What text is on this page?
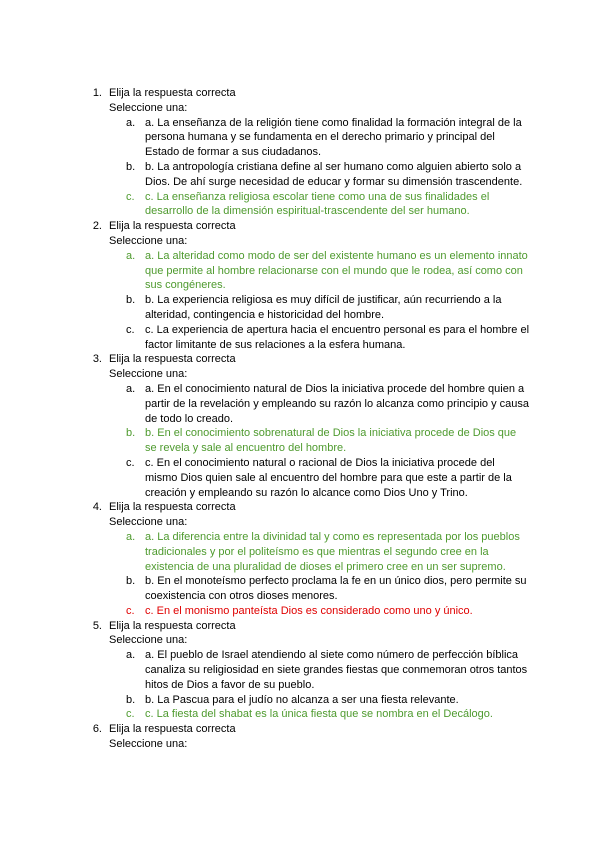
1. Elija la respuesta correcta
Seleccione una:
a. a. La enseñanza de la religión tiene como finalidad la formación integral de la persona humana y se fundamenta en el derecho primario y principal del Estado de formar a sus ciudadanos.
b. b. La antropología cristiana define al ser humano como alguien abierto solo a Dios. De ahí surge necesidad de educar y formar su dimensión trascendente.
c. c. La enseñanza religiosa escolar tiene como una de sus finalidades el desarrollo de la dimensión espiritual-trascendente del ser humano.
2. Elija la respuesta correcta
Seleccione una:
a. a. La alteridad como modo de ser del existente humano es un elemento innato que permite al hombre relacionarse con el mundo que le rodea, así como con sus congéneres.
b. b. La experiencia religiosa es muy difícil de justificar, aún recurriendo a la alteridad, contingencia e historicidad del hombre.
c. c. La experiencia de apertura hacia el encuentro personal es para el hombre el factor limitante de sus relaciones a la esfera humana.
3. Elija la respuesta correcta
Seleccione una:
a. a. En el conocimiento natural de Dios la iniciativa procede del hombre quien a partir de la revelación y empleando su razón lo alcanza como principio y causa de todo lo creado.
b. b. En el conocimiento sobrenatural de Dios la iniciativa procede de Dios que se revela y sale al encuentro del hombre.
c. c. En el conocimiento natural o racional de Dios la iniciativa procede del mismo Dios quien sale al encuentro del hombre para que este a partir de la creación y empleando su razón lo alcance como Dios Uno y Trino.
4. Elija la respuesta correcta
Seleccione una:
a. a. La diferencia entre la divinidad tal y como es representada por los pueblos tradicionales y por el politeísmo es que mientras el segundo cree en la existencia de una pluralidad de dioses el primero cree en un ser supremo.
b. b. En el monoteísmo perfecto proclama la fe en un único dios, pero permite su coexistencia con otros dioses menores.
c. c. En el monismo panteísta Dios es considerado como uno y único.
5. Elija la respuesta correcta
Seleccione una:
a. a. El pueblo de Israel atendiendo al siete como número de perfección bíblica canaliza su religiosidad en siete grandes fiestas que conmemoran otros tantos hitos de Dios a favor de su pueblo.
b. b. La Pascua para el judío no alcanza a ser una fiesta relevante.
c. c. La fiesta del shabat es la única fiesta que se nombra en el Decálogo.
6. Elija la respuesta correcta
Seleccione una:
